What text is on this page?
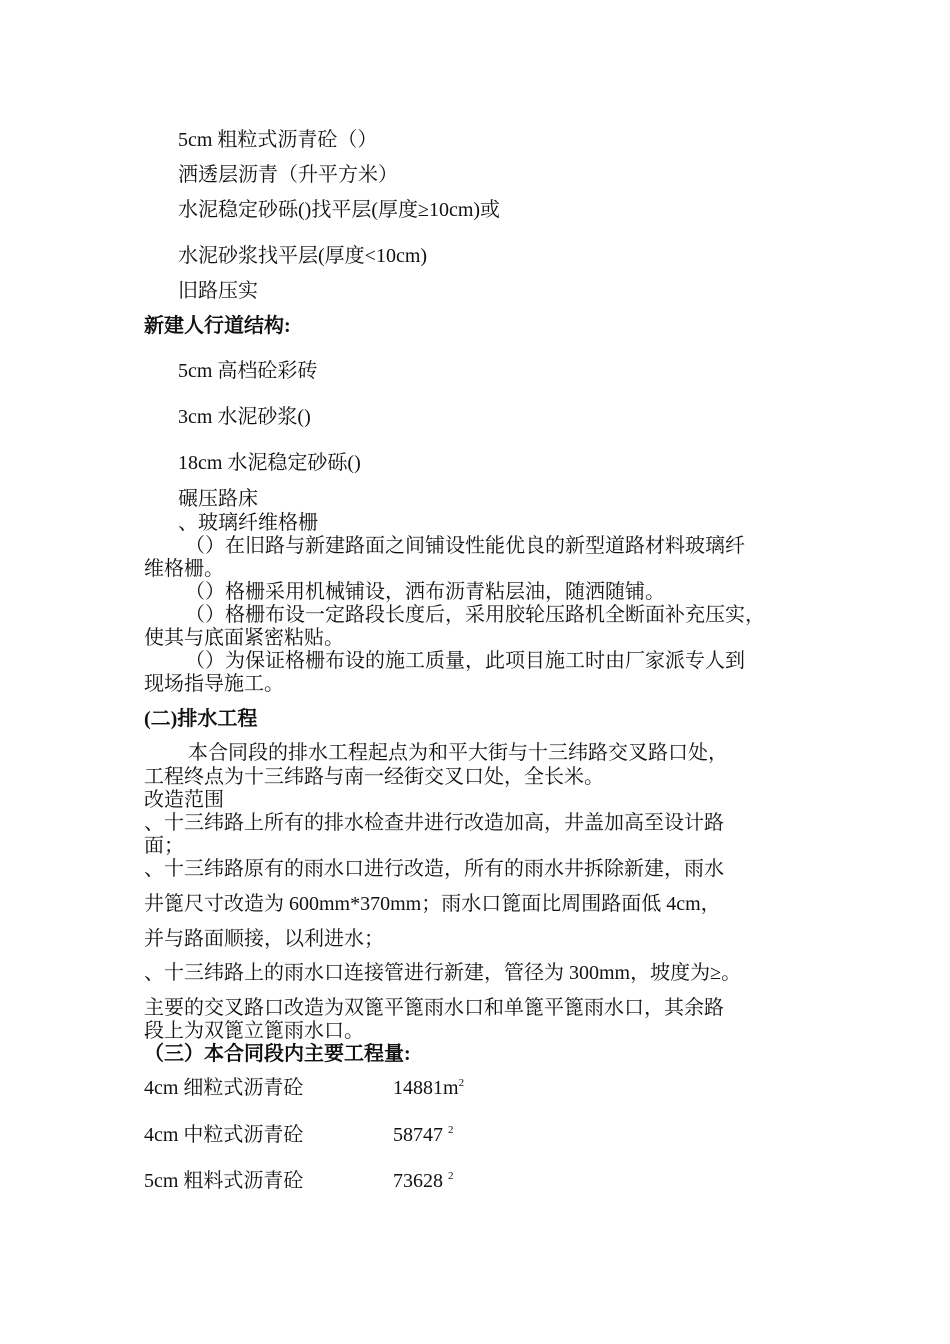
5cm 粗粒式沥青砼（）
洒透层沥青（升平方米）
水泥稳定砂砾()找平层(厚度≥10cm)或
水泥砂浆找平层(厚度<10cm)
旧路压实
新建人行道结构:
5cm 高档砼彩砖
3cm 水泥砂浆()
18cm 水泥稳定砂砾()
碾压路床
、玻璃纤维格栅
（）在旧路与新建路面之间铺设性能优良的新型道路材料玻璃纤
维格栅。
（）格栅采用机械铺设，洒布沥青粘层油，随洒随铺。
（）格栅布设一定路段长度后，采用胶轮压路机全断面补充压实，
使其与底面紧密粘贴。
（）为保证格栅布设的施工质量，此项目施工时由厂家派专人到
现场指导施工。
(二)排水工程
本合同段的排水工程起点为和平大街与十三纬路交叉路口处，
工程终点为十三纬路与南一经街交叉口处，全长米。
改造范围
、十三纬路上所有的排水检查井进行改造加高，井盖加高至设计路
面；
、十三纬路原有的雨水口进行改造，所有的雨水井拆除新建，雨水
井篦尺寸改造为 600mm*370mm；雨水口篦面比周围路面低 4cm，
并与路面顺接，以利进水；
、十三纬路上的雨水口连接管进行新建，管径为 300mm，坡度为≥。
主要的交叉路口改造为双篦平篦雨水口和单篦平篦雨水口，其余路
段上为双篦立篦雨水口。
（三）本合同段内主要工程量:
4cm 细粒式沥青砼	$14881m^2$
4cm 中粒式沥青砼	58747 $^2$
5cm 粗料式沥青砼	73628 $^2$
